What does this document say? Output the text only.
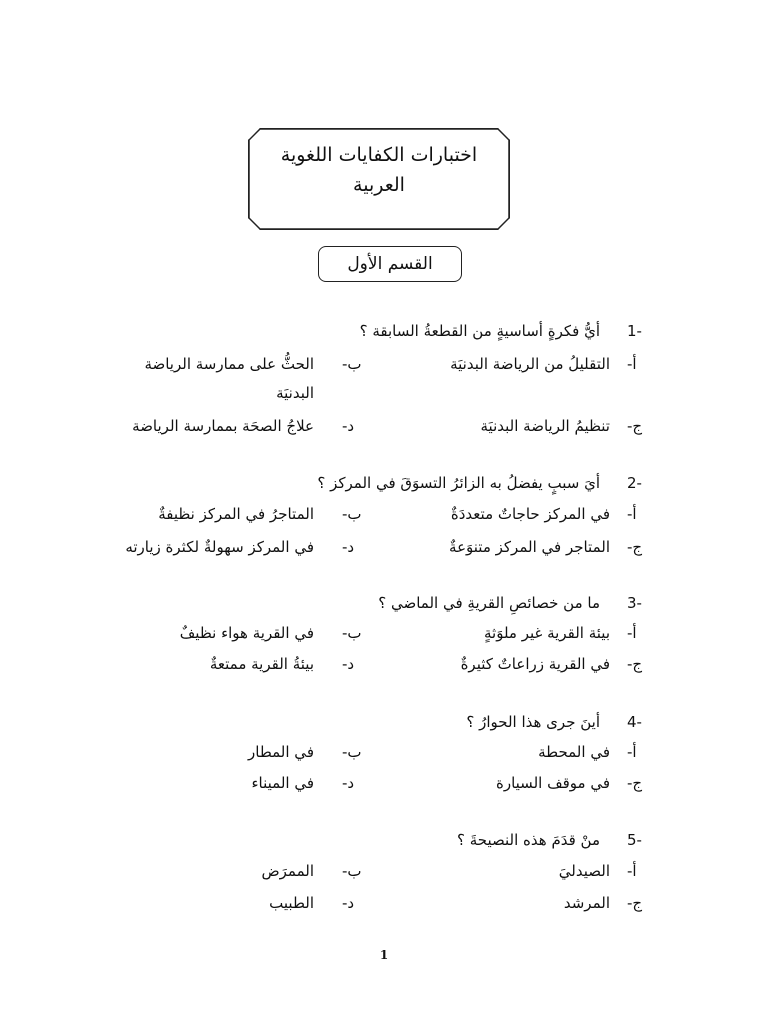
اختبارات الكفايات اللغوية
العربية
القسم الأول
1-
أيُّ فكرةٍ أساسيةٍ من القطعةُ السابقة ؟
أ-
التقليلُ من الرياضة البدنيَة
ب-
الحثُّ على ممارسة الرياضة
البدنيَة
ج-
تنظيمُ الرياضة البدنيَة
د-
علاجُ الصحَة بممارسة الرياضة
2-
أيَ سببٍ يفضلُ به الزائرُ التسوَقَ في المركز ؟
أ-
في المركز حاجاتٌ متعددَةٌ
ب-
المتاجرُ في المركز نظيفةٌ
ج-
المتاجر في المركز متنوَعةٌ
د-
في المركز سهولةٌ لكثرة زيارته
3-
ما من خصائصِ القريةِ في الماضي ؟
أ-
بيئة القرية غير ملوَثةٍ
ب-
في القرية هواء نظيفٌ
ج-
في القرية زراعاتٌ كثيرةٌ
د-
بيئةُ القرية ممتعةٌ
4-
أينَ جرى هذا الحوارُ ؟
أ-
في المحطة
ب-
في المطار
ج-
في موقف السيارة
د-
في الميناء
5-
منْ قدَمَ هذه النصيحةَ ؟
أ-
الصيدليَ
ب-
الممرَض
ج-
المرشد
د-
الطبيب
1
